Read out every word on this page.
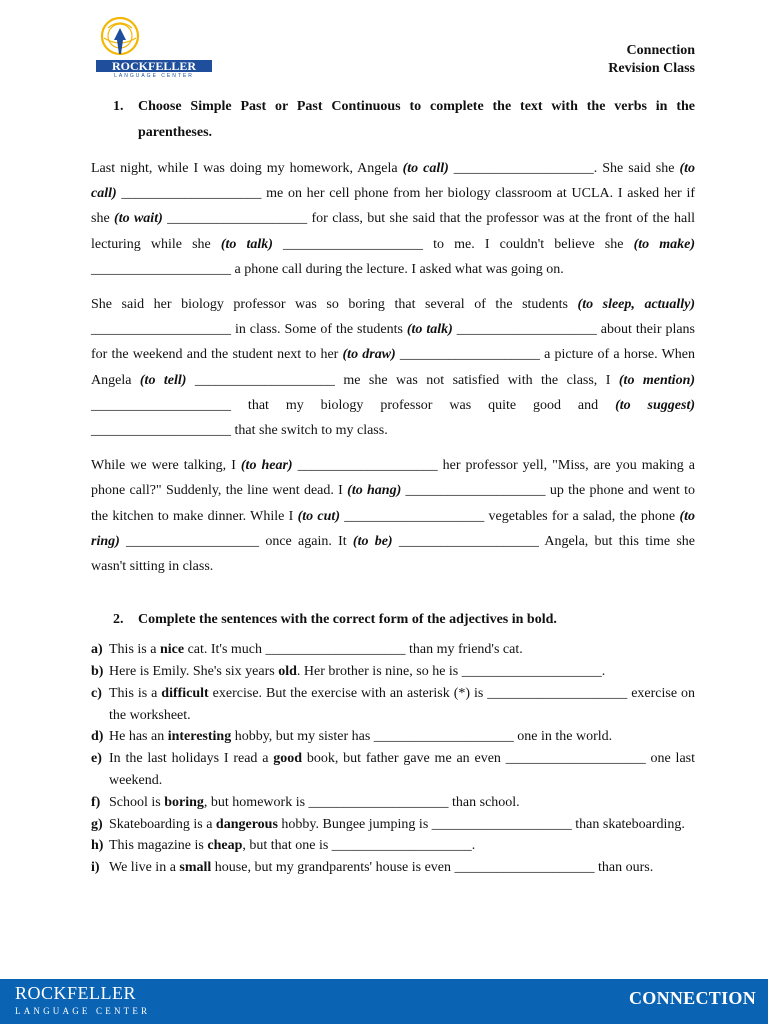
ROCKFELLER
LANGUAGE CENTER
Connection
Revision Class
1.	Choose Simple Past or Past Continuous to complete the text with the verbs in the parentheses.

Last night, while I was doing my homework, Angela (to call) ____________________. She said she (to call) ____________________ me on her cell phone from her biology classroom at UCLA. I asked her if she (to wait) ____________________ for class, but she said that the professor was at the front of the hall lecturing while she (to talk) ____________________ to me. I couldn't believe she (to make) ____________________ a phone call during the lecture. I asked what was going on.

She said her biology professor was so boring that several of the students (to sleep, actually) ____________________ in class. Some of the students (to talk) ____________________ about their plans for the weekend and the student next to her (to draw) ____________________ a picture of a horse. When Angela (to tell) ____________________ me she was not satisfied with the class, I (to mention) ____________________ that my biology professor was quite good and (to suggest) ____________________ that she switch to my class.

While we were talking, I (to hear) ____________________ her professor yell, "Miss, are you making a phone call?" Suddenly, the line went dead. I (to hang) ____________________ up the phone and went to the kitchen to make dinner. While I (to cut) ____________________ vegetables for a salad, the phone (to ring) ___________________ once again. It (to be) ____________________ Angela, but this time she wasn't sitting in class.

2.	Complete the sentences with the correct form of the adjectives in bold.
a) This is a nice cat. It's much ____________________ than my friend's cat.
b) Here is Emily. She's six years old. Her brother is nine, so he is ____________________.
c) This is a difficult exercise. But the exercise with an asterisk (*) is ____________________ exercise on the worksheet.
d) He has an interesting hobby, but my sister has ____________________ one in the world.
e) In the last holidays I read a good book, but father gave me an even ____________________ one last weekend.
f) School is boring, but homework is ____________________ than school.
g) Skateboarding is a dangerous hobby. Bungee jumping is ____________________ than skateboarding.
h) This magazine is cheap, but that one is ____________________.
i) We live in a small house, but my grandparents' house is even ____________________ than ours.
ROCKFELLER
LANGUAGE CENTER
CONNECTION
